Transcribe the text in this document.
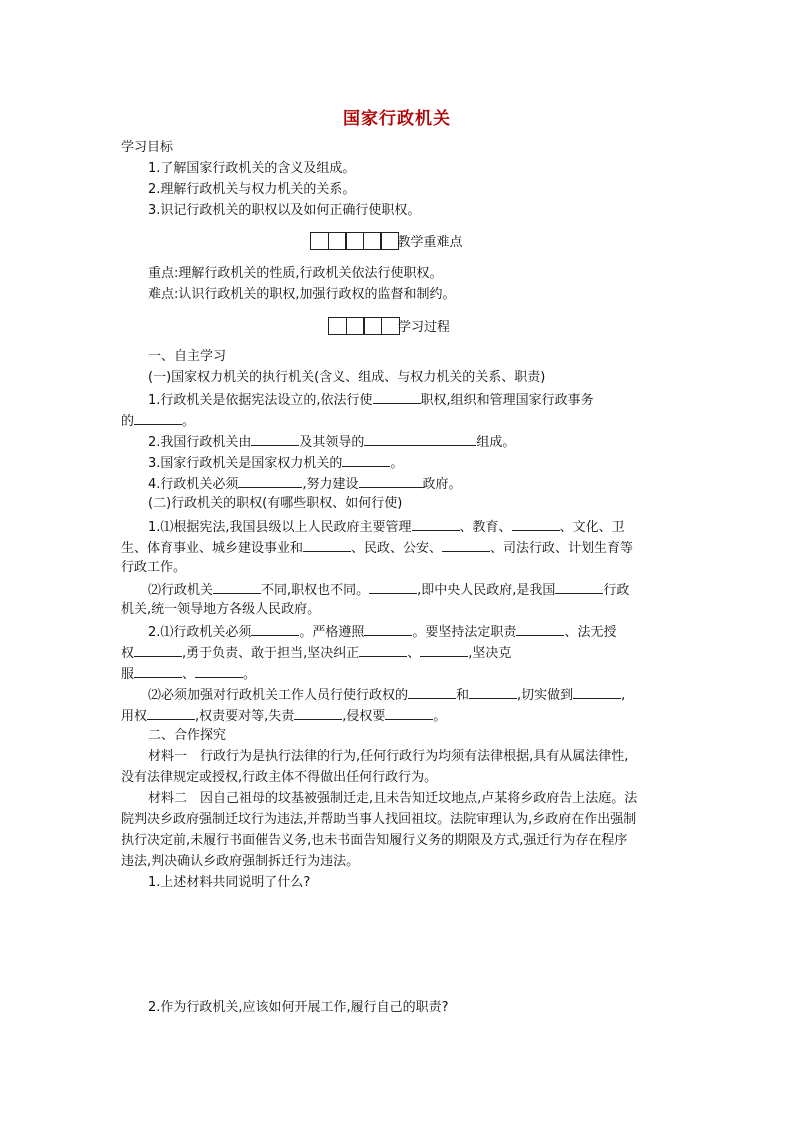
国家行政机关
学习目标
1.了解国家行政机关的含义及组成。
2.理解行政机关与权力机关的关系。
3.识记行政机关的职权以及如何正确行使职权。
教学重难点
重点:理解行政机关的性质,行政机关依法行使职权。
难点:认识行政机关的职权,加强行政权的监督和制约。
学习过程
一、自主学习
(一)国家权力机关的执行机关(含义、组成、与权力机关的关系、职责)
1.行政机关是依据宪法设立的,依法行使	职权,组织和管理国家行政事务
的	。
2.我国行政机关由	及其领导的	组成。
3.国家行政机关是国家权力机关的	。
4.行政机关必须	,努力建设	政府。
(二)行政机关的职权(有哪些职权、如何行使)
1.⑴根据宪法,我国县级以上人民政府主要管理	、教育、	、文化、卫
生、体育事业、城乡建设事业和	、民政、公安、	、司法行政、计划生育等
行政工作。
⑵行政机关	不同,职权也不同。	,即中央人民政府,是我国	行政
机关,统一领导地方各级人民政府。
2.⑴行政机关必须	。严格遵照	。要坚持法定职责	、法无授
权	,勇于负责、敢于担当,坚决纠正	、	,坚决克
服	、	。
⑵必须加强对行政机关工作人员行使行政权的	和	,切实做到	,
用权	,权责要对等,失责	,侵权要	。
二、合作探究
材料一　行政行为是执行法律的行为,任何行政行为均须有法律根据,具有从属法律性,
没有法律规定或授权,行政主体不得做出任何行政行为。
材料二　因自己祖母的坟基被强制迁走,且未告知迁坟地点,卢某将乡政府告上法庭。法
院判决乡政府强制迁坟行为违法,并帮助当事人找回祖坟。法院审理认为,乡政府在作出强制
执行决定前,未履行书面催告义务,也未书面告知履行义务的期限及方式,强迁行为存在程序
违法,判决确认乡政府强制拆迁行为违法。
1.上述材料共同说明了什么?
2.作为行政机关,应该如何开展工作,履行自己的职责?
